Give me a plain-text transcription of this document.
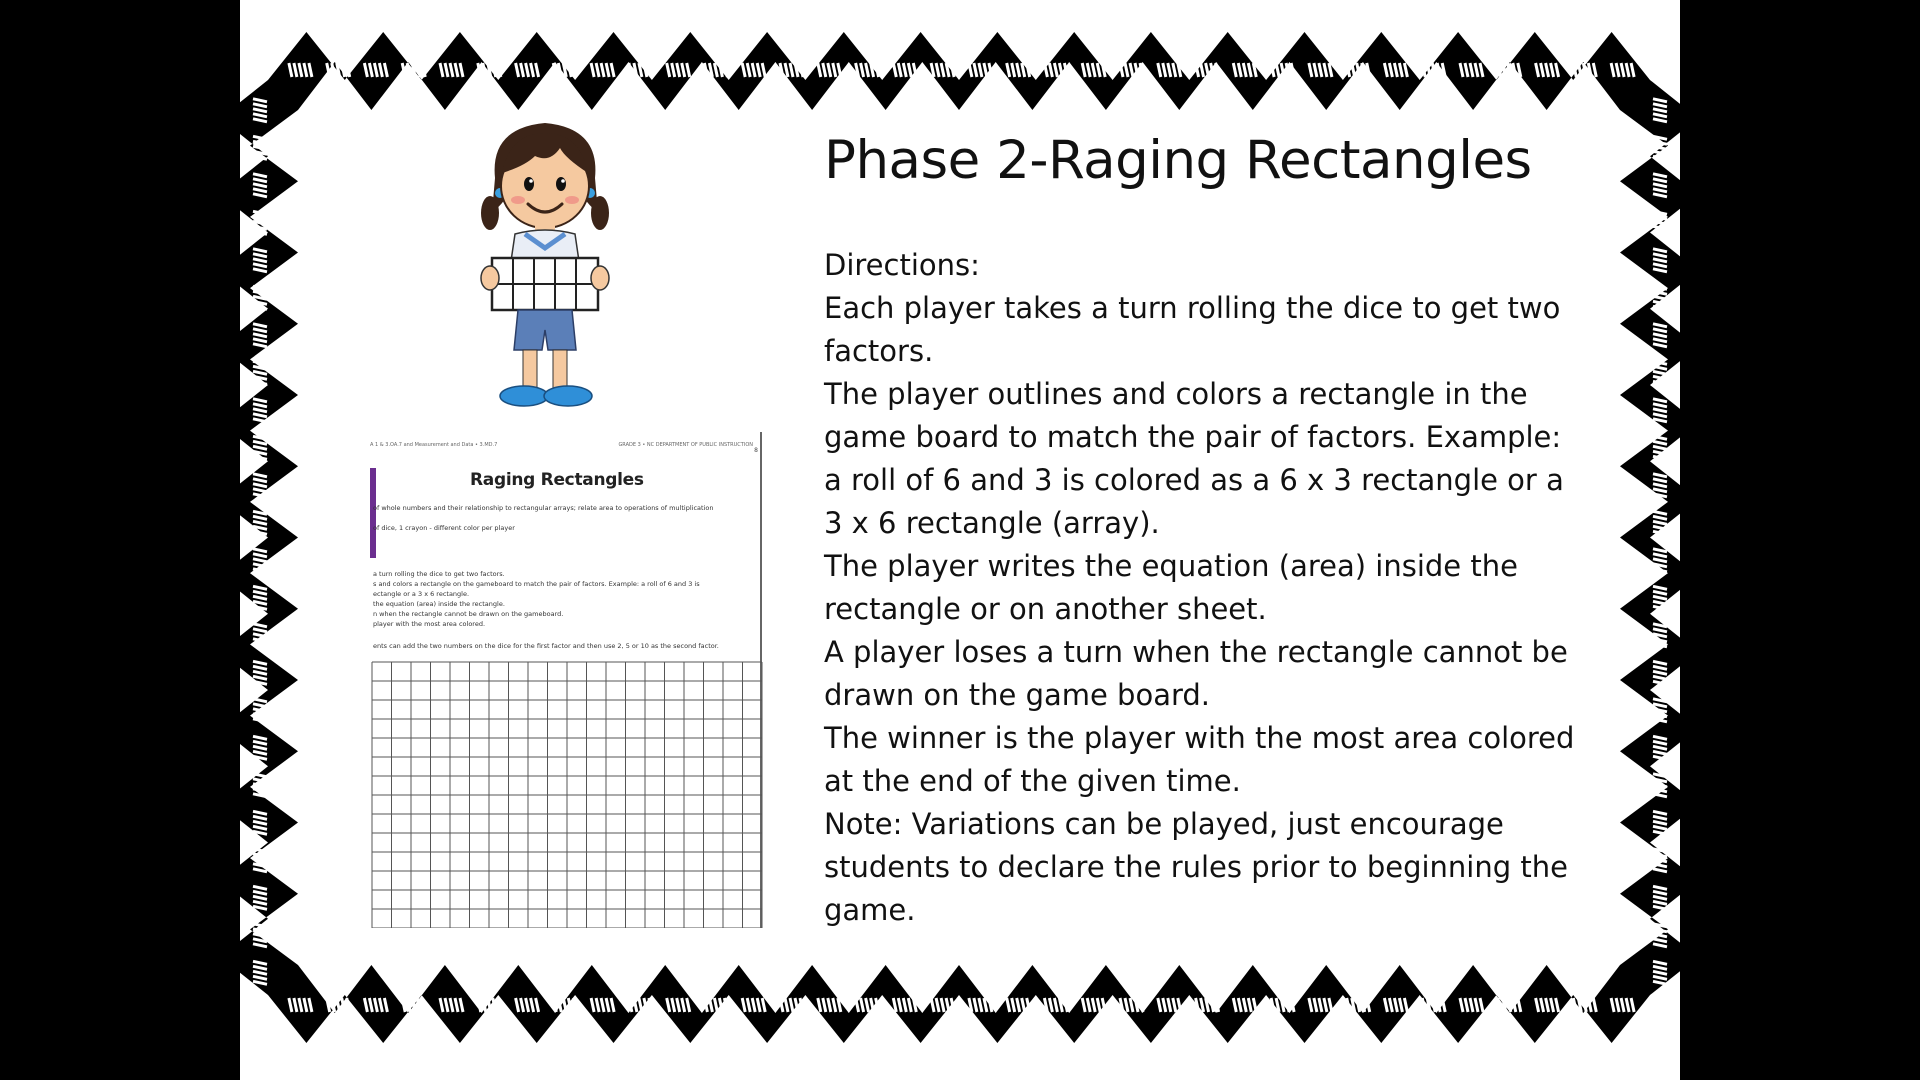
A 1 & 3.OA.7 and Measurement and Data • 3.MD.7	GRADE 3 • NC DEPARTMENT OF PUBLIC INSTRUCTION
8
Raging Rectangles
of whole numbers and their relationship to rectangular arrays; relate area to operations of multiplication
of dice, 1 crayon - different color per player
a turn rolling the dice to get two factors.
s and colors a rectangle on the gameboard to match the pair of factors. Example: a roll of 6 and 3 is
ectangle or a 3 x 6 rectangle.
the equation (area) inside the rectangle.
n when the rectangle cannot be drawn on the gameboard.
player with the most area colored.
ents can add the two numbers on the dice for the first factor and then use 2, 5 or 10 as the second factor.
Phase 2-Raging Rectangles

Directions:

Each player takes a turn rolling the dice to get two factors.

The player outlines and colors a rectangle in the game board to match the pair of factors. Example: a roll of 6 and 3 is colored as a 6 x 3 rectangle or a 3 x 6 rectangle (array).

The player writes the equation (area) inside the rectangle or on another sheet.

A player loses a turn when the rectangle cannot be drawn on the game board.

The winner is the player with the most area colored at the end of the given time.

Note: Variations can be played, just encourage students to declare the rules prior to beginning the game.
